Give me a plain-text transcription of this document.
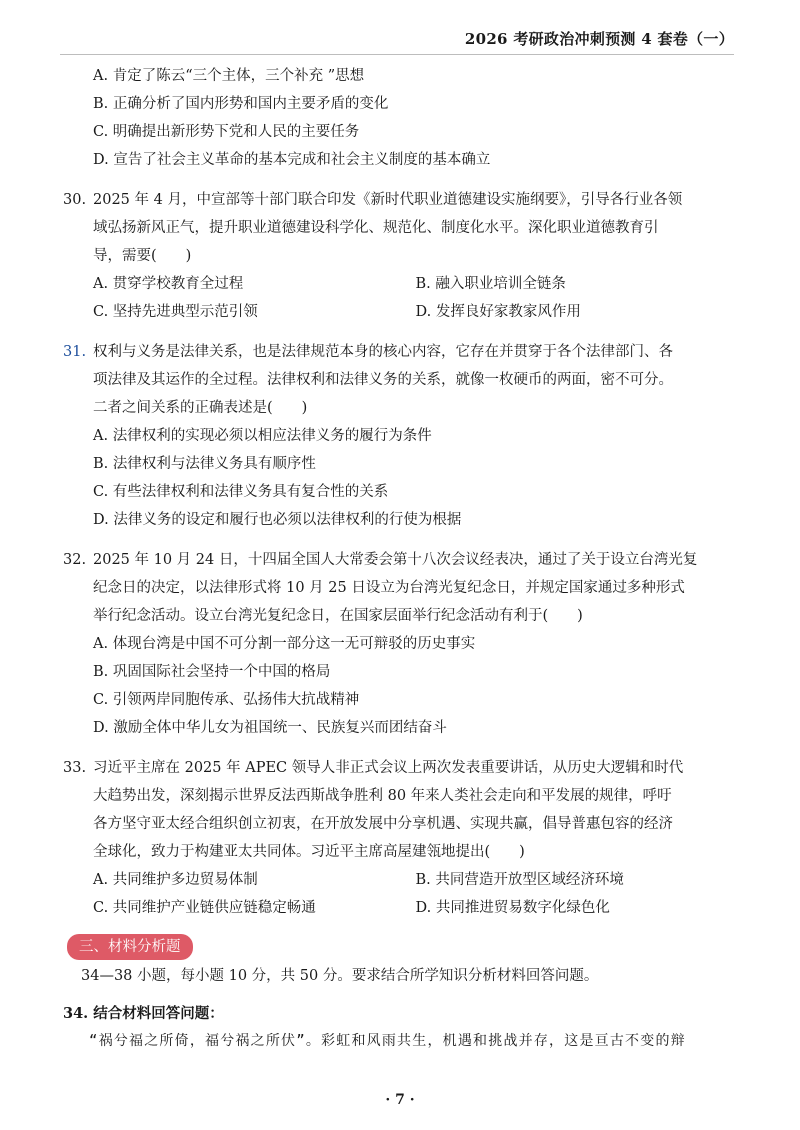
2026 考研政治冲刺预测 4 套卷（一）
A. 肯定了陈云“三个主体，三个补充 ”思想
B. 正确分析了国内形势和国内主要矛盾的变化
C. 明确提出新形势下党和人民的主要任务
D. 宣告了社会主义革命的基本完成和社会主义制度的基本确立
30. 2025 年 4 月，中宣部等十部门联合印发《新时代职业道德建设实施纲要》，引导各行业各领
域弘扬新风正气，提升职业道德建设科学化、规范化、制度化水平。深化职业道德教育引
导，需要(　　)
A. 贯穿学校教育全过程	B. 融入职业培训全链条
C. 坚持先进典型示范引领	D. 发挥良好家教家风作用
31. 权利与义务是法律关系，也是法律规范本身的核心内容，它存在并贯穿于各个法律部门、各
项法律及其运作的全过程。法律权利和法律义务的关系，就像一枚硬币的两面，密不可分。
二者之间关系的正确表述是(　　)
A. 法律权利的实现必须以相应法律义务的履行为条件
B. 法律权利与法律义务具有顺序性
C. 有些法律权利和法律义务具有复合性的关系
D. 法律义务的设定和履行也必须以法律权利的行使为根据
32. 2025 年 10 月 24 日，十四届全国人大常委会第十八次会议经表决，通过了关于设立台湾光复
纪念日的决定，以法律形式将 10 月 25 日设立为台湾光复纪念日，并规定国家通过多种形式
举行纪念活动。设立台湾光复纪念日，在国家层面举行纪念活动有利于(　　)
A. 体现台湾是中国不可分割一部分这一无可辩驳的历史事实
B. 巩固国际社会坚持一个中国的格局
C. 引领两岸同胞传承、弘扬伟大抗战精神
D. 激励全体中华儿女为祖国统一、民族复兴而团结奋斗
33. 习近平主席在 2025 年 APEC 领导人非正式会议上两次发表重要讲话，从历史大逻辑和时代
大趋势出发，深刻揭示世界反法西斯战争胜利 80 年来人类社会走向和平发展的规律，呼吁
各方坚守亚太经合组织创立初衷，在开放发展中分享机遇、实现共赢，倡导普惠包容的经济
全球化，致力于构建亚太共同体。习近平主席高屋建瓴地提出(　　)
A. 共同维护多边贸易体制	B. 共同营造开放型区域经济环境
C. 共同维护产业链供应链稳定畅通	D. 共同推进贸易数字化绿色化
三、材料分析题
34—38 小题，每小题 10 分，共 50 分。要求结合所学知识分析材料回答问题。
34. 结合材料回答问题：
“祸兮福之所倚，福兮祸之所伏”。彩虹和风雨共生，机遇和挑战并存，这是亘古不变的辩
· 7 ·
